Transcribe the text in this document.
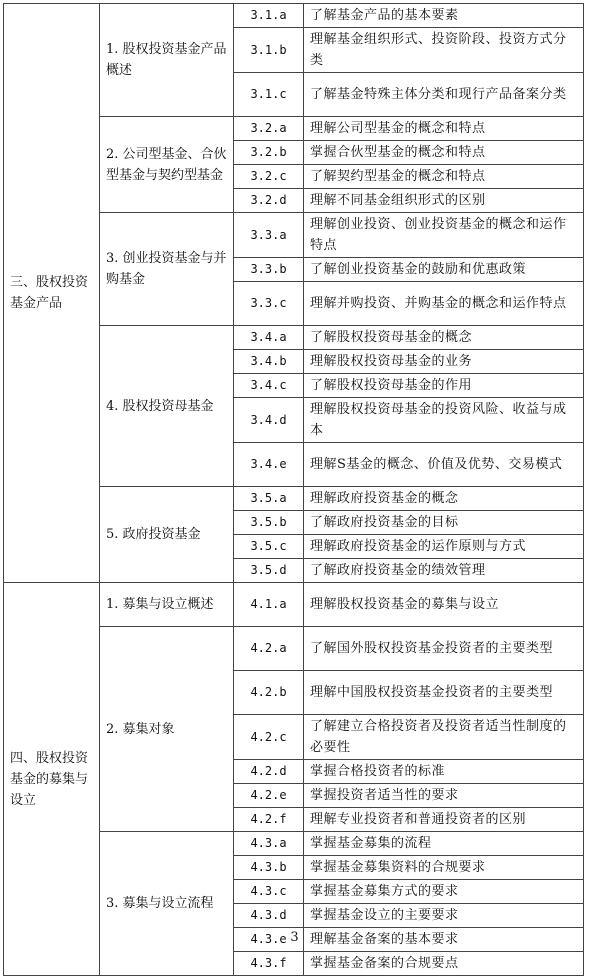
三、股权投资基金产品	1. 股权投资基金产品概述	3.1.a	了解基金产品的基本要素
		3.1.b	理解基金组织形式、投资阶段、投资方式分类
		3.1.c	了解基金特殊主体分类和现行产品备案分类
	2. 公司型基金、合伙型基金与契约型基金	3.2.a	理解公司型基金的概念和特点
		3.2.b	掌握合伙型基金的概念和特点
		3.2.c	了解契约型基金的概念和特点
		3.2.d	理解不同基金组织形式的区别
	3. 创业投资基金与并购基金	3.3.a	理解创业投资、创业投资基金的概念和运作特点
		3.3.b	了解创业投资基金的鼓励和优惠政策
		3.3.c	理解并购投资、并购基金的概念和运作特点
	4. 股权投资母基金	3.4.a	了解股权投资母基金的概念
		3.4.b	理解股权投资母基金的业务
		3.4.c	了解股权投资母基金的作用
		3.4.d	理解股权投资母基金的投资风险、收益与成本
		3.4.e	理解S基金的概念、价值及优势、交易模式
	5. 政府投资基金	3.5.a	理解政府投资基金的概念
		3.5.b	了解政府投资基金的目标
		3.5.c	理解政府投资基金的运作原则与方式
		3.5.d	了解政府投资基金的绩效管理
四、股权投资基金的募集与设立	1. 募集与设立概述	4.1.a	理解股权投资基金的募集与设立
	2. 募集对象	4.2.a	了解国外股权投资基金投资者的主要类型
		4.2.b	理解中国股权投资基金投资者的主要类型
		4.2.c	了解建立合格投资者及投资者适当性制度的必要性
		4.2.d	掌握合格投资者的标准
		4.2.e	掌握投资者适当性的要求
		4.2.f	理解专业投资者和普通投资者的区别
	3. 募集与设立流程	4.3.a	掌握基金募集的流程
		4.3.b	掌握基金募集资料的合规要求
		4.3.c	掌握基金募集方式的要求
		4.3.d	掌握基金设立的主要要求
		4.3.e	理解基金备案的基本要求
		4.3.f	掌握基金备案的合规要点
3
